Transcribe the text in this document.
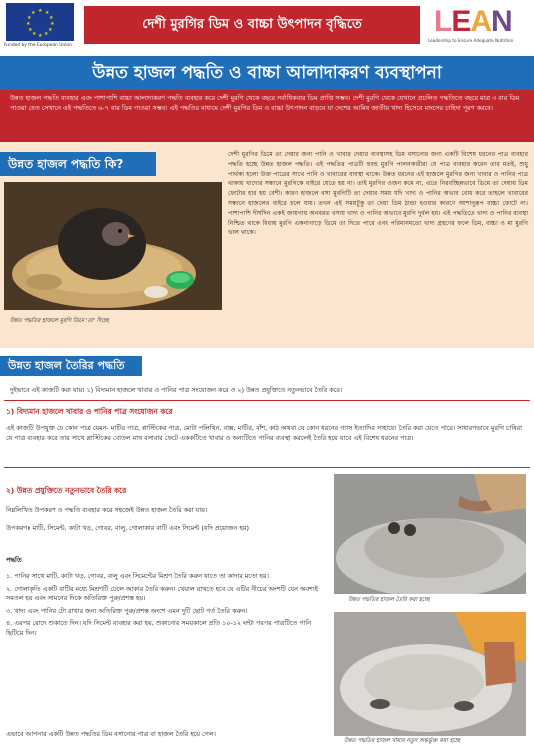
★ ★
★
★
★
★
★
★
★
★
★
★
Funded by the European Union
দেশী মুরগির ডিম ও বাচ্চা উৎপাদন বৃদ্ধিতে	LEAN
Leadership to Ensure Adequate Nutrition
উন্নত হাজল পদ্ধতি ও বাচ্চা আলাদাকরণ ব্যবস্থাপনা
উন্নত হাজল পদ্ধতি ব্যবহার এবং পাশাপাশি বাচ্চা আলাদাকরণ পদ্ধতি ব্যবহার করে দেশী মুরগি থেকে বছরে সর্বাধিকবার ডিম প্রাপ্তি সম্ভব। দেশী মুরগি থেকে যেখানে প্রচলিত পদ্ধতিতে বছরে মাত্র ৩ বার ডিম পাওয়া যেত সেখানে এই পদ্ধতিতে ৬-৭ বার ডিম পাওয়া সম্ভব। এই পদ্ধতির মাধ্যমে দেশী মুরগির ডিম ও বাচ্চা উৎপাদন বাড়বে যা দেশের আমিষ জাতীয় খাদ্য হিসেবে মাংসের চাহিদা পূরণ করবে।
উন্নত হাজল পদ্ধতি কি?
উন্নত পদ্ধতির হাজলে মুরগি ডিমে 'তা' দিচ্ছে
দেশী মুরগির ডিমে তা দেয়ার জন্য পানি ও খাবার দেয়ার ব্যবস্থাসহ ডিম বসানোর জন্য একটি বিশেষ ধরনের পাত্র ব্যবহার পদ্ধতি হচ্ছে উন্নত হাজল পদ্ধতি। এই পদ্ধতির পাত্রটি হুবহু মুরগি পালনকারীরা যে পাত্র ব্যবহার করেন তার মতই, শুধু পার্থক্য হলো উক্ত পাত্রের সাথে পানি ও খাবারের ব্যবস্থা থাকে। উন্নত ধরনের এই হাজলে মুরগির জন্য খাবার ও পানির পাত্র থাকায় খাদ্যের সন্ধানে মুরগিকে বাইরে যেতে হয় না। তাই মুরগির ওজন কমে না, এতে নিরবচ্ছিন্নভাবে ডিমে তা দেয়ায় ডিম ফোটার হার হয় বেশী। কারণ হাজলে বসা মুরগিটি তা দেয়ার সময় যদি খাদ্য ও পানির অভাব বোধ করে তাহলে খাবারের সন্ধানে হাজলের বাইরে চলে যায়। তখন এই সময়টুকু তা দেয়া ডিম ঠান্ডা হওয়ার কারণে আশানুরূপ বাচ্চা ফোটে না। পাশাপাশি দীর্ঘদিন একই জায়গায় অনবরত বসায় খাদ্য ও পানির অভাবে মুরগি দুর্বল হয়। এই পদ্ধতিতে খাদ্য ও পানির ব্যবস্থা নিশ্চিত থাকে বিধায় মুরগি একনাগাড়ে ডিমে তা দিতে পারে এবং পরিমানমতো খাদ্য গ্রহণের ফলে ডিম, বাচ্চা ও মা মুরগি ভাল থাকে।
উন্নত হাজল তৈরির পদ্ধতি
দুইভাবে এই কাজটি করা যায়। ১) বিদ্যমান হাজলে খাবার ও পানির পাত্র সংযোজন করে ও ২) উন্নত প্রযুক্তিতে নতুনভাবে তৈরি করে।
১) বিদ্যমান হাজলে খাবার ও পানির পাত্র সংযোজন করে
এই কাজটি উপযুক্ত যে কোন পাত্র যেমন- মাটির পাত্র, প্লাস্টিকের পাত্র, মোটা পলিথিন, বাক্স, মাটির, বাঁশ, কাঠ অথবা যে কোন ধরনের গ্যাস ইত্যাদির সাহায্যে তৈরি করা যেতে পারে। সাধারণভাবে মুরগি চাষিরা যে পাত্র ব্যবহার করে তার সাথে প্লাস্টিকের বোতল মাথ বসাবার ফেটে এককটিতে খাবার ও অন্যটিতে পানির ব্যবস্থা করলেই তৈরি হয়ে যাবে এই বিশেষ ধরনের পাত্র।
২) উন্নত প্রযুক্তিতে নতুনভাবে তৈরি করে
নিম্নলিখিত উপকরণ ও পদ্ধতি ব্যবহার করে সহজেই উন্নত হাজল তৈরি করা যায়।
উপকরণঃ মাটি, সিমেন্ট, কাটা খড়, গোবর, বালু, গোলাকার বাটি এবং সিমেন্ট (যদি প্রয়োজন হয়)
পদ্ধতি
১. পানির সাথে মাটি, কাটা খড়, গোবর, বালু এবং সিমেন্টের মিশ্রণ তৈরি করুন যাতে তা কাদার মতো হয়।
২. গোলাকৃতি একটি বাটির মধ্যে মিশ্রণটি ঢেলে আকার তৈরি করুন। খেয়াল রাখতে হবে যে এটির নীচের অংশটি যেন অবশ্যই সমতল হয় এবং সামনের দিকে অতিরিক্ত পুরু/প্রশস্ত হয়।
৩. খাদ্য এবং পানির টো রাখার জন্য অতিরিক্ত পুরু/প্রশস্ত অংশে এমন দুটি ছোট গর্ত তৈরি করুন।
৪. এরপর রোদে শুকাতে দিন। যদি সিমেন্ট ব্যবহার করা হয়, শুকানোর সময়কালে প্রতি ১০-১২ ঘন্টা পরপর পাত্রটিতে পানি ছিটিয়ে দিন।
এভাবে আপনার একটি উন্নত পদ্ধতির ডিম বসানোর পাত্র বা হাজল তৈরি হয়ে গেল।
উন্নত পদ্ধতির হাজল তৈরি করা হচ্ছে
উন্নত পদ্ধতির হাজল খামার নতুন অন্তর্ভুক্ত করা হচ্ছে
